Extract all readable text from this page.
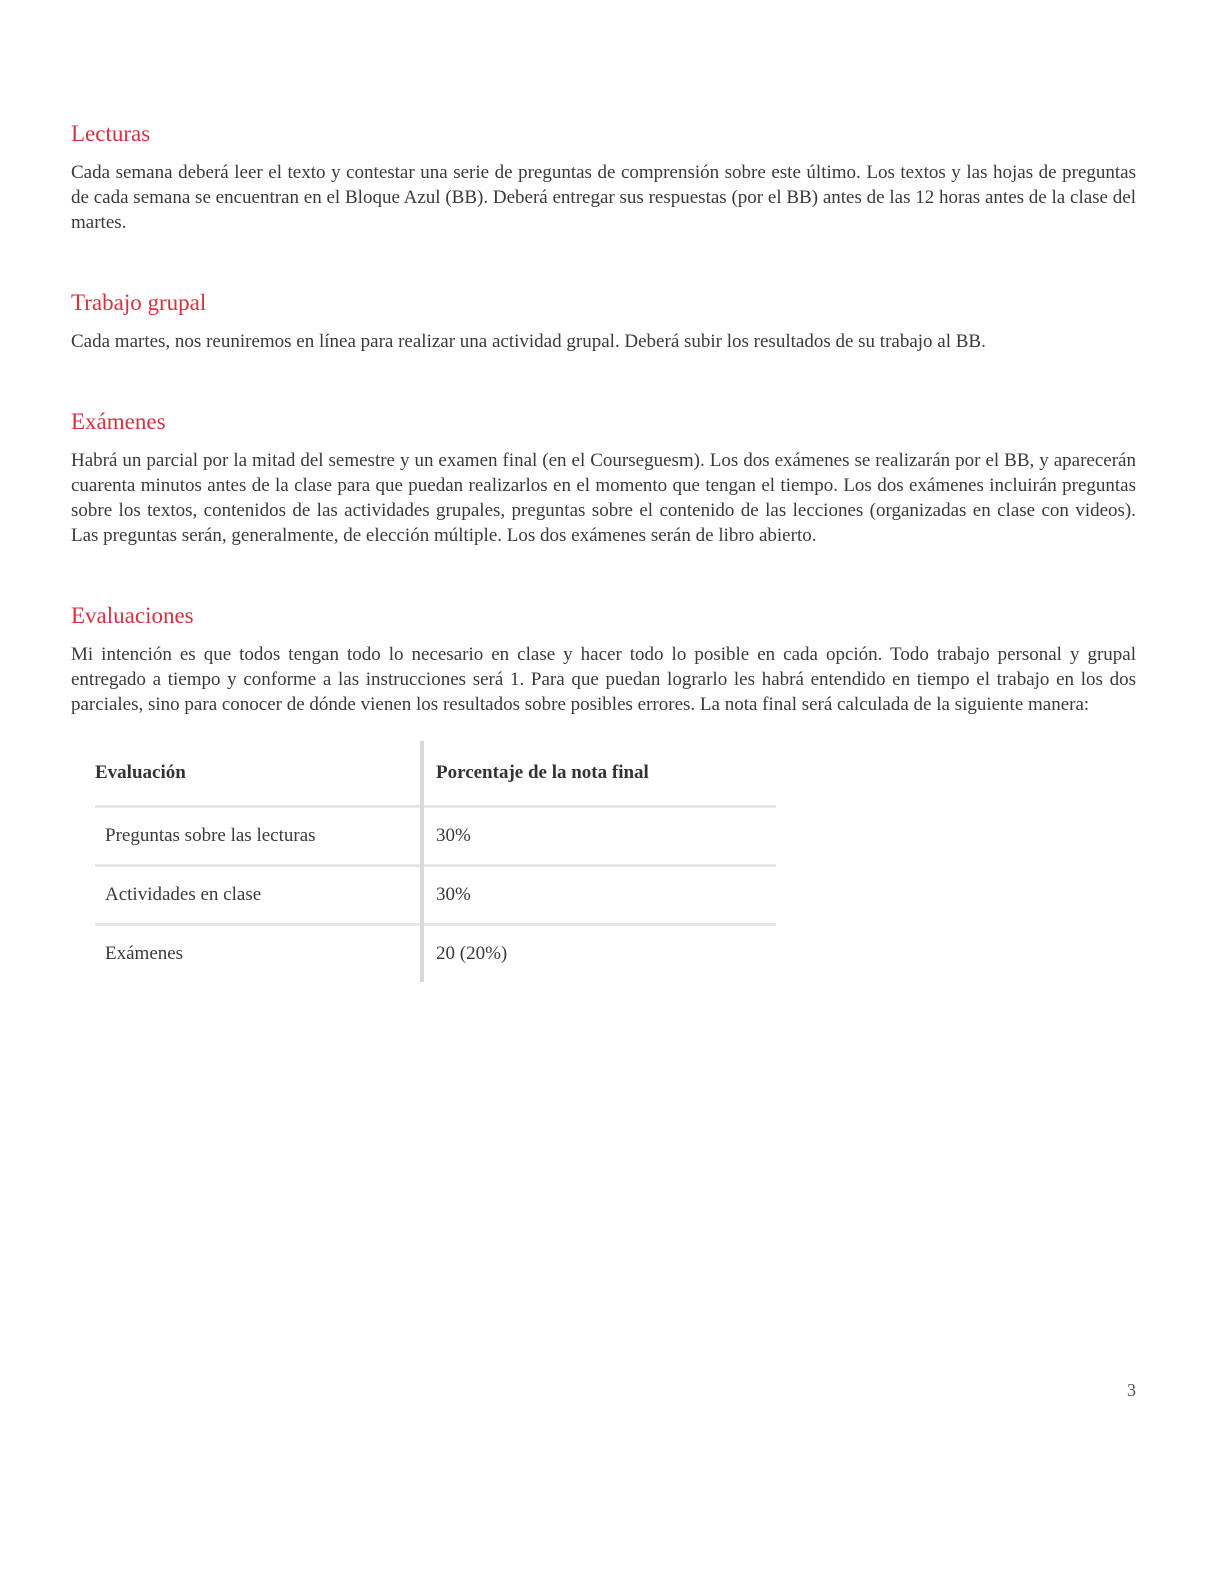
Lecturas

Cada semana deberá leer el texto y contestar una serie de preguntas de comprensión sobre este último. Los textos y las hojas de preguntas de cada semana se encuentran en el Bloque Azul (BB). Deberá entregar sus respuestas (por el BB) antes de las 12 horas antes de la clase del martes.

Trabajo grupal

Cada martes, nos reuniremos en línea para realizar una actividad grupal. Deberá subir los resultados de su trabajo al BB.

Exámenes

Habrá un parcial por la mitad del semestre y un examen final (en el Courseguesm). Los dos exámenes se realizarán por el BB, y aparecerán cuarenta minutos antes de la clase para que puedan realizarlos en el momento que tengan el tiempo. Los dos exámenes incluirán preguntas sobre los textos, contenidos de las actividades grupales, preguntas sobre el contenido de las lecciones (organizadas en clase con videos). Las preguntas serán, generalmente, de elección múltiple. Los dos exámenes serán de libro abierto.

Evaluaciones

Mi intención es que todos tengan todo lo necesario en clase y hacer todo lo posible en cada opción. Todo trabajo personal y grupal entregado a tiempo y conforme a las instrucciones será 1. Para que puedan lograrlo les habrá entendido en tiempo el trabajo en los dos parciales, sino para conocer de dónde vienen los resultados sobre posibles errores. La nota final será calculada de la siguiente manera:

Evaluación	Porcentaje de la nota final
Preguntas sobre las lecturas	30%
Actividades en clase	30%
Exámenes	20 (20%)
3
